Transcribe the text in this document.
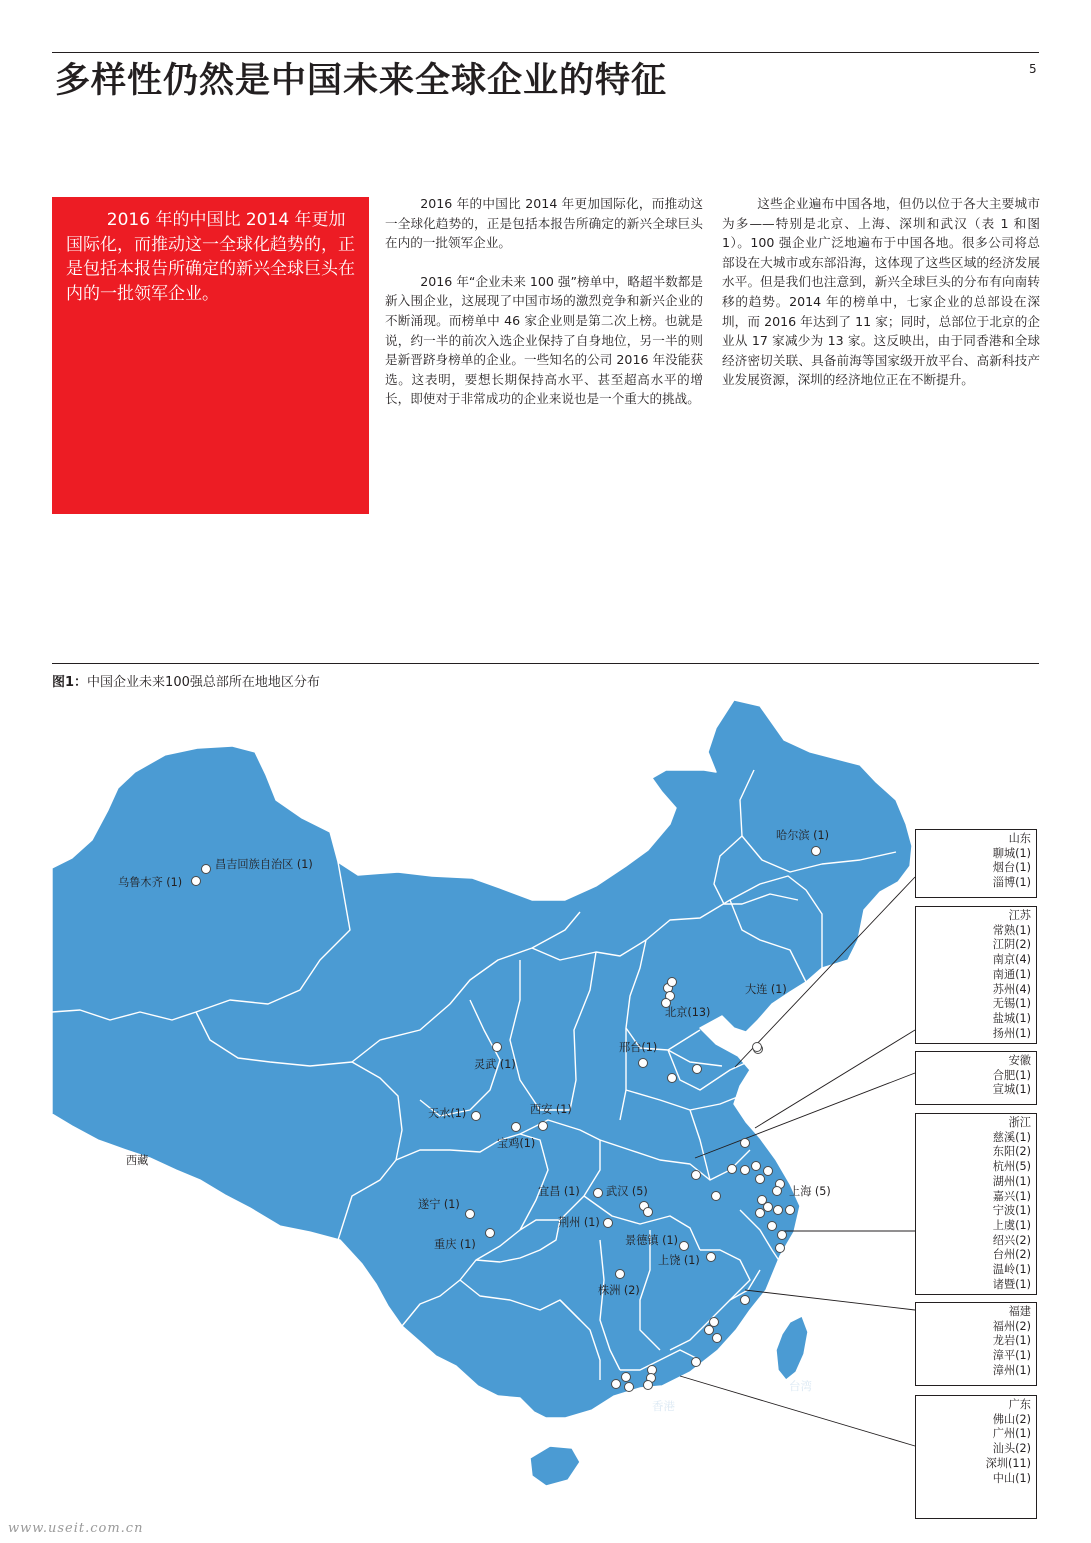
多样性仍然是中国未来全球企业的特征	5

2016 年的中国比 2014 年更加国际化，而推动这一全球化趋势的，正是包括本报告所确定的新兴全球巨头在内的一批领军企业。

2016 年的中国比 2014 年更加国际化，而推动这一全球化趋势的，正是包括本报告所确定的新兴全球巨头在内的一批领军企业。

2016 年“企业未来 100 强”榜单中，略超半数都是新入围企业，这展现了中国市场的激烈竞争和新兴企业的不断涌现。而榜单中 46 家企业则是第二次上榜。也就是说，约一半的前次入选企业保持了自身地位，另一半的则是新晋跻身榜单的企业。一些知名的公司 2016 年没能获选。这表明，要想长期保持高水平、甚至超高水平的增长，即使对于非常成功的企业来说也是一个重大的挑战。

这些企业遍布中国各地，但仍以位于各大主要城市为多——特别是北京、上海、深圳和武汉（表 1 和图 1）。100 强企业广泛地遍布于中国各地。很多公司将总部设在大城市或东部沿海，这体现了这些区域的经济发展水平。但是我们也注意到，新兴全球巨头的分布有向南转移的趋势。2014 年的榜单中，七家企业的总部设在深圳，而 2016 年达到了 11 家；同时，总部位于北京的企业从 17 家减少为 13 家。这反映出，由于同香港和全球经济密切关联、具备前海等国家级开放平台、高新科技产业发展资源，深圳的经济地位正在不断提升。

图1：中国企业未来100强总部所在地地区分布
昌吉回族自治区 (1)
乌鲁木齐 (1)
哈尔滨 (1)
西藏
北京(13)
大连 (1)
邢台(1)
灵武 (1)
天水(1)	西安 (1)
宝鸡(1)
遂宁 (1)
重庆 (1)
宜昌 (1) 武汉 (5)
荆州 (1)
景德镇 (1)
上饶 (1)
株洲 (2)
上海 (5)
香港
台湾
山东
聊城(1)
烟台(1)
淄博(1)
江苏
常熟(1)
江阴(2)
南京(4)
南通(1)
苏州(4)
无锡(1)
盐城(1)
扬州(1)
安徽
合肥(1)
宣城(1)
浙江
慈溪(1)
东阳(2)
杭州(5)
湖州(1)
嘉兴(1)
宁波(1)
上虞(1)
绍兴(2)
台州(2)
温岭(1)
诸暨(1)
福建
福州(2)
龙岩(1)
漳平(1)
漳州(1)
广东
佛山(2)
广州(1)
汕头(2)
深圳(11)
中山(1)
www.useit.com.cn
